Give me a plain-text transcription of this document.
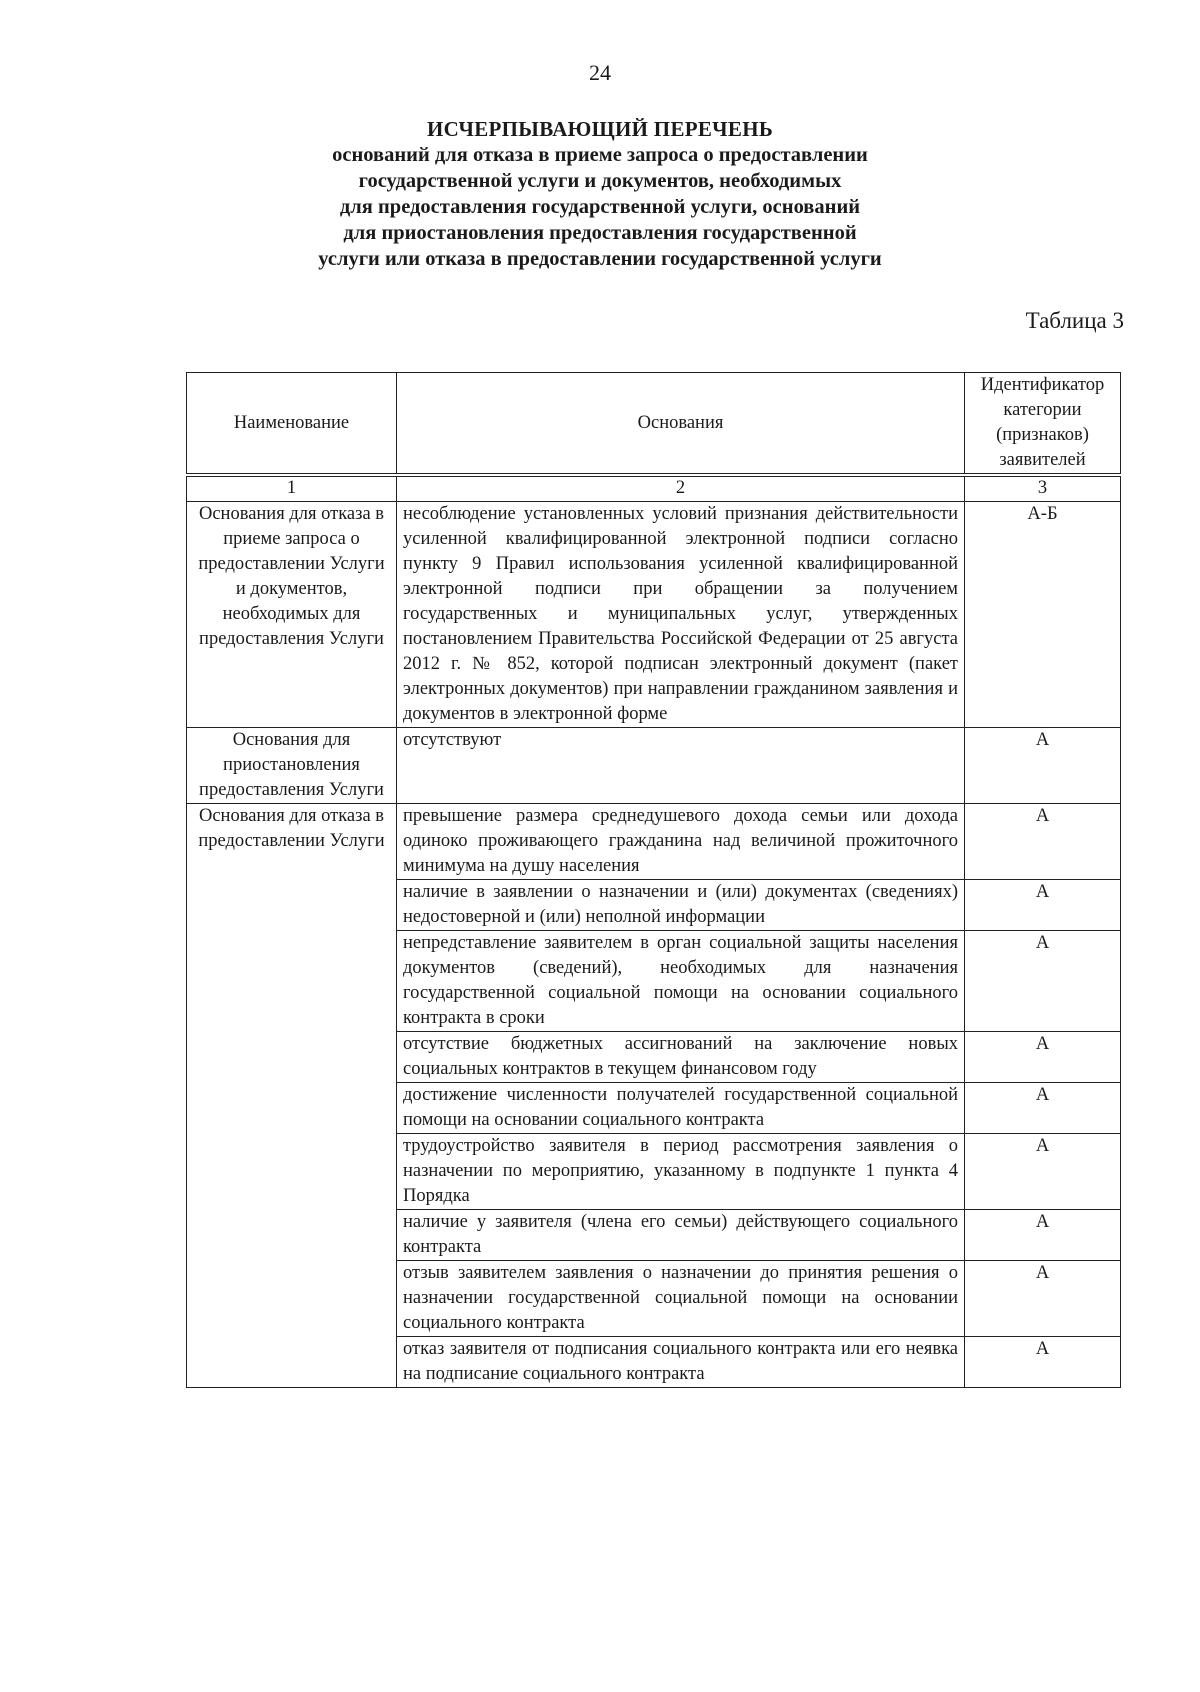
24
ИСЧЕРПЫВАЮЩИЙ ПЕРЕЧЕНЬ
оснований для отказа в приеме запроса о предоставлении
государственной услуги и документов, необходимых
для предоставления государственной услуги, оснований
для приостановления предоставления государственной
услуги или отказа в предоставлении государственной услуги
Таблица 3
Наименование	Основания	Идентификатор категории (признаков) заявителей
1	2	3
Основания для отказа в приеме запроса о предоставлении Услуги и документов, необходимых для предоставления Услуги	несоблюдение установленных условий признания действительности усиленной квалифицированной электронной подписи согласно пункту 9 Правил использования усиленной квалифицированной электронной подписи при обращении за получением государственных и муниципальных услуг, утвержденных постановлением Правительства Российской Федерации от 25 августа 2012 г. № 852, которой подписан электронный документ (пакет электронных документов) при направлении гражданином заявления и документов в электронной форме	А-Б
Основания для приостановления предоставления Услуги	отсутствуют	А
Основания для отказа в предоставлении Услуги	превышение размера среднедушевого дохода семьи или дохода одиноко проживающего гражданина над величиной прожиточного минимума на душу населения	А
	наличие в заявлении о назначении и (или) документах (сведениях) недостоверной и (или) неполной информации	А
	непредставление заявителем в орган социальной защиты населения документов (сведений), необходимых для назначения государственной социальной помощи на основании социального контракта в сроки	А
	отсутствие бюджетных ассигнований на заключение новых социальных контрактов в текущем финансовом году	А
	достижение численности получателей государственной социальной помощи на основании социального контракта	А
	трудоустройство заявителя в период рассмотрения заявления о назначении по мероприятию, указанному в подпункте 1 пункта 4 Порядка	А
	наличие у заявителя (члена его семьи) действующего социального контракта	А
	отзыв заявителем заявления о назначении до принятия решения о назначении государственной социальной помощи на основании социального контракта	А
	отказ заявителя от подписания социального контракта или его неявка на подписание социального контракта	А
